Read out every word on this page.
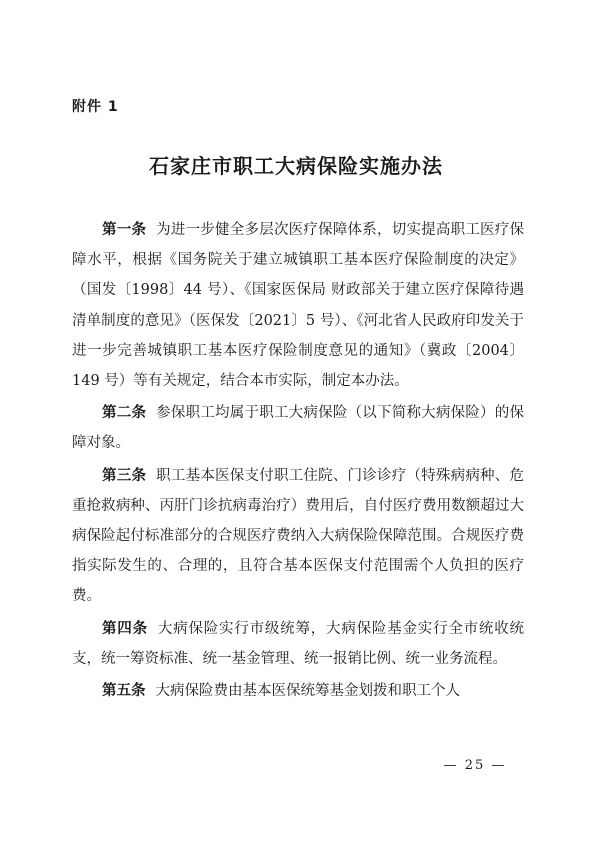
附件 1
石家庄市职工大病保险实施办法

第一条 为进一步健全多层次医疗保障体系，切实提高职工医疗保障水平，根据《国务院关于建立城镇职工基本医疗保险制度的决定》（国发〔1998〕44 号）、《国家医保局 财政部关于建立医疗保障待遇清单制度的意见》（医保发〔2021〕5 号）、《河北省人民政府印发关于进一步完善城镇职工基本医疗保险制度意见的通知》（冀政〔2004〕149 号）等有关规定，结合本市实际，制定本办法。

第二条 参保职工均属于职工大病保险（以下简称大病保险）的保障对象。

第三条 职工基本医保支付职工住院、门诊诊疗（特殊病病种、危重抢救病种、丙肝门诊抗病毒治疗）费用后，自付医疗费用数额超过大病保险起付标准部分的合规医疗费纳入大病保险保障范围。合规医疗费指实际发生的、合理的，且符合基本医保支付范围需个人负担的医疗费。

第四条 大病保险实行市级统筹，大病保险基金实行全市统收统支，统一筹资标准、统一基金管理、统一报销比例、统一业务流程。

第五条 大病保险费由基本医保统筹基金划拨和职工个人

— 25 —
